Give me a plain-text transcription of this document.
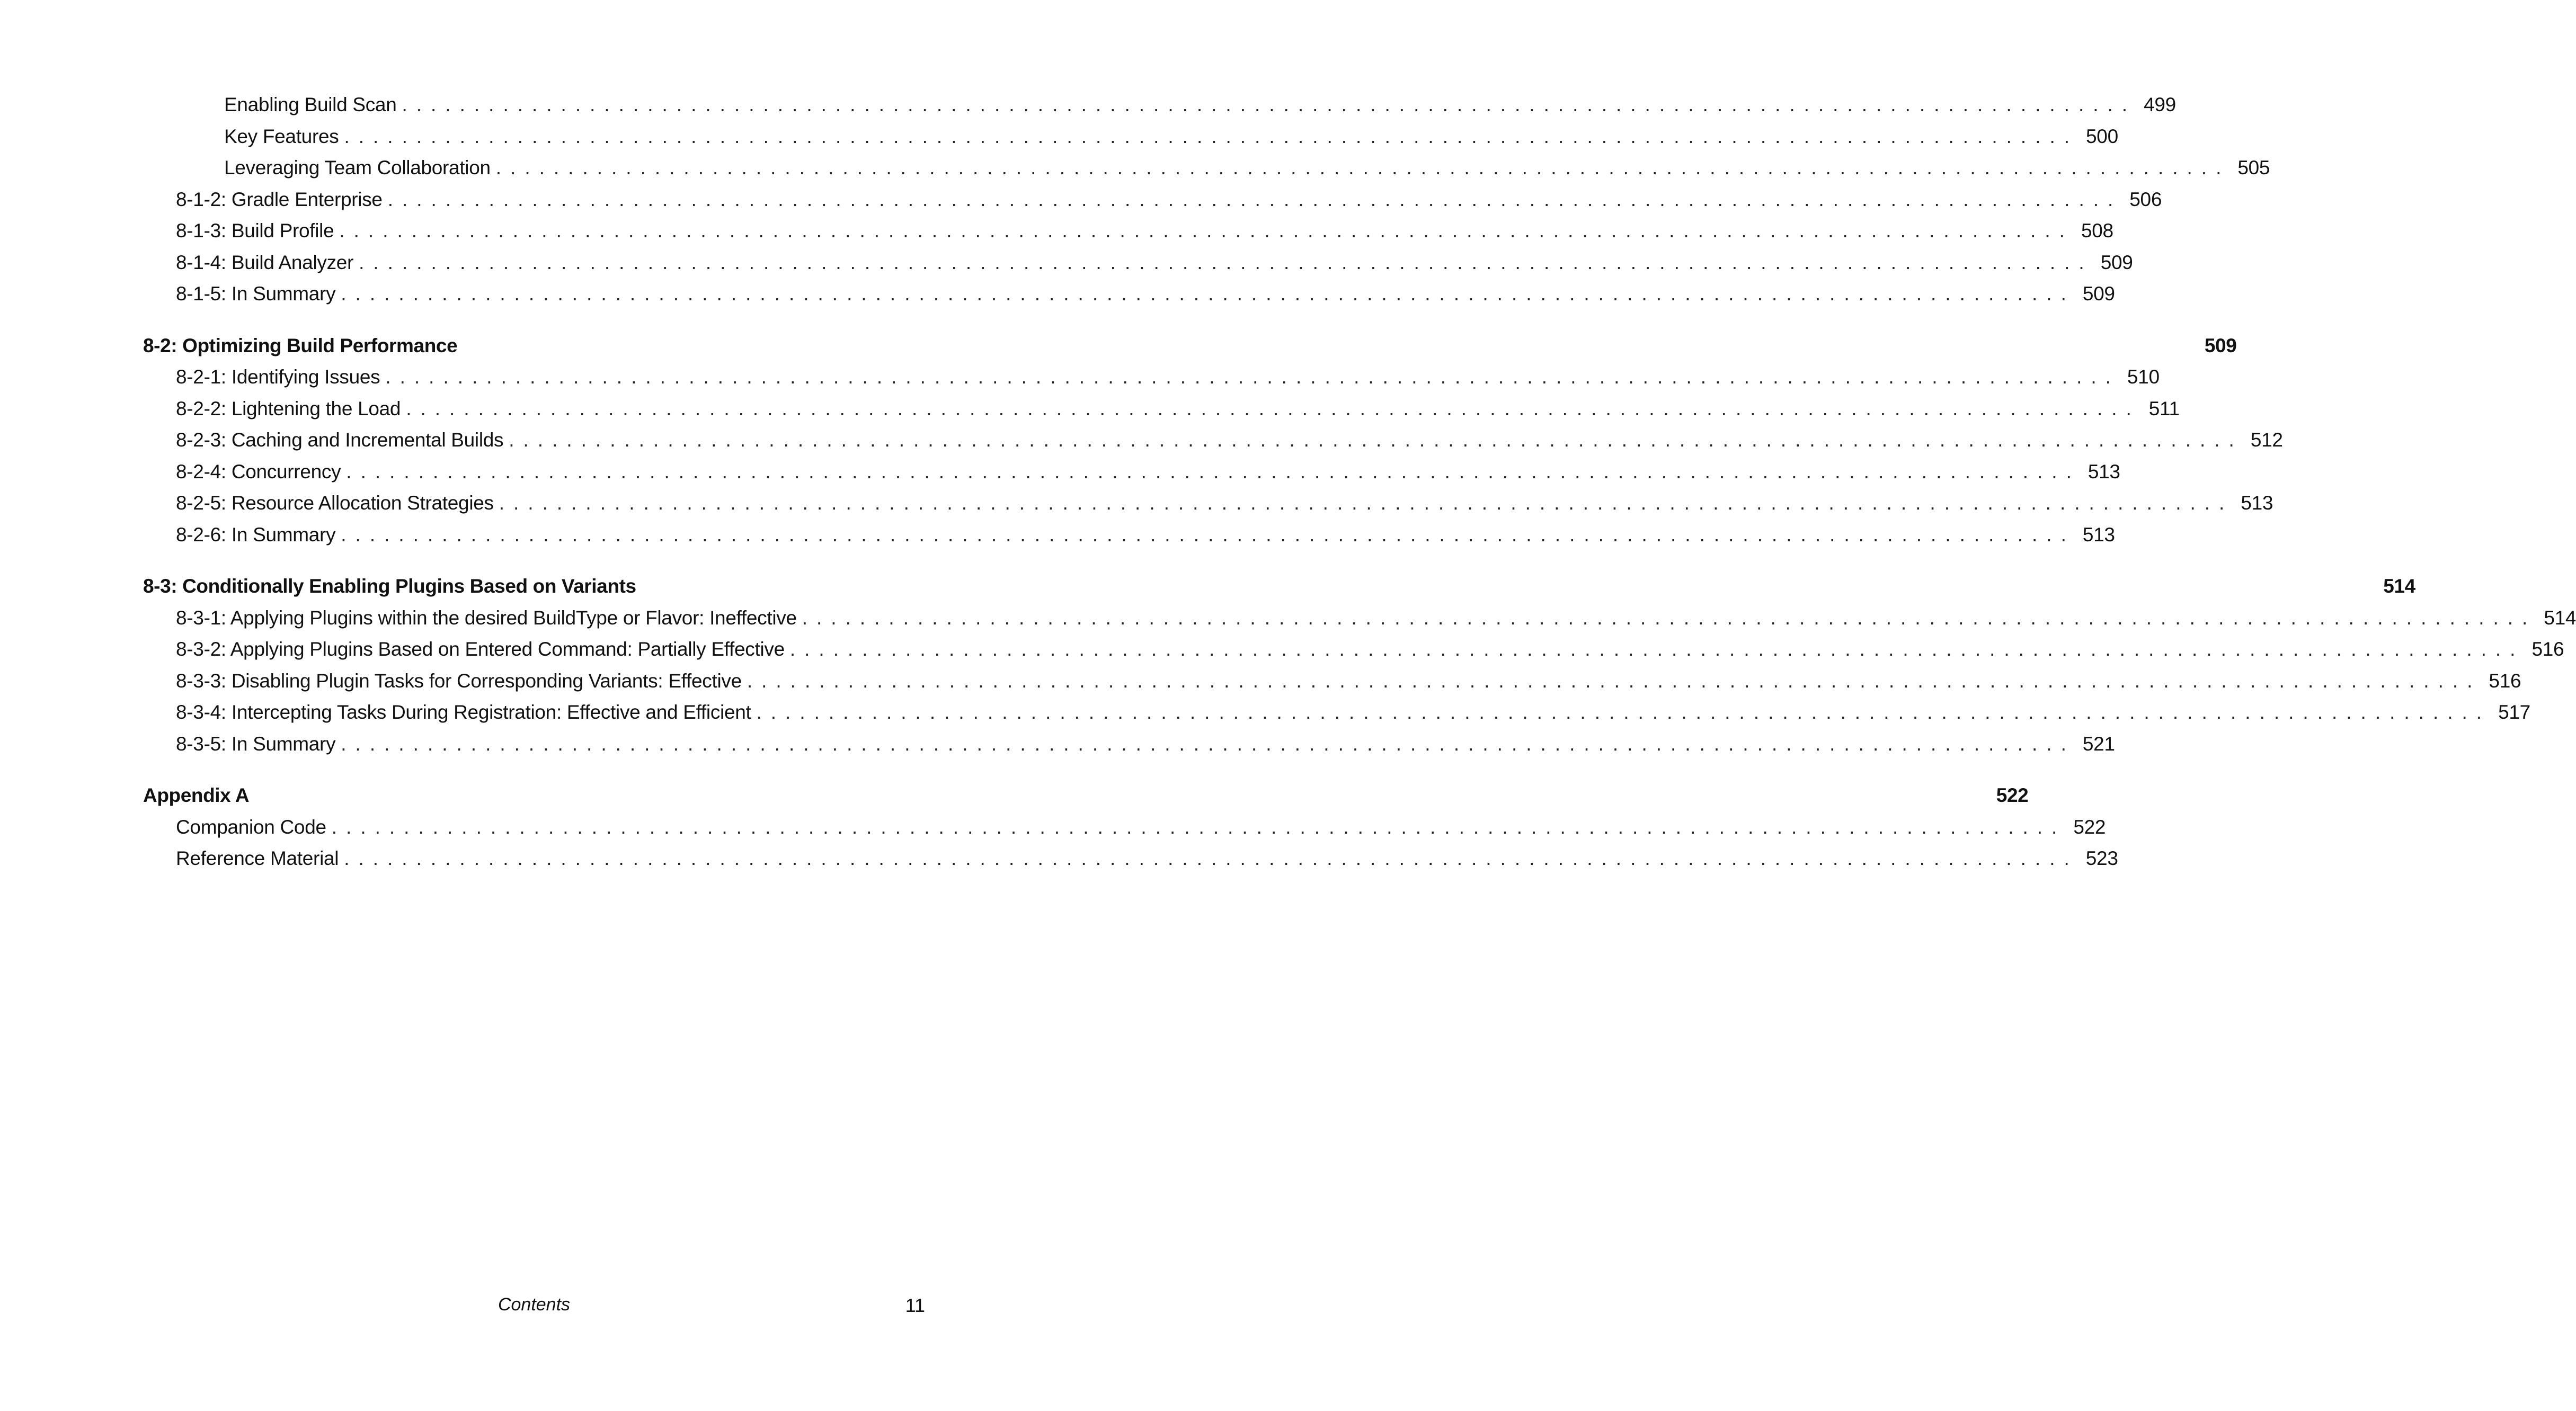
Enabling Build Scan ........................................................................................................................ 499
Key Features ........................................................................................................................ 500
Leveraging Team Collaboration ........................................................................................................................ 505
8-1-2: Gradle Enterprise ........................................................................................................................ 506
8-1-3: Build Profile ........................................................................................................................ 508
8-1-4: Build Analyzer ........................................................................................................................ 509
8-1-5: In Summary ........................................................................................................................ 509
8-2: Optimizing Build Performance	509
8-2-1: Identifying Issues ........................................................................................................................ 510
8-2-2: Lightening the Load ........................................................................................................................ 511
8-2-3: Caching and Incremental Builds ........................................................................................................................ 512
8-2-4: Concurrency ........................................................................................................................ 513
8-2-5: Resource Allocation Strategies ........................................................................................................................ 513
8-2-6: In Summary ........................................................................................................................ 513
8-3: Conditionally Enabling Plugins Based on Variants	514
8-3-1: Applying Plugins within the desired BuildType or Flavor: Ineffective ........................................................................................................................ 514
8-3-2: Applying Plugins Based on Entered Command: Partially Effective ........................................................................................................................ 516
8-3-3: Disabling Plugin Tasks for Corresponding Variants: Effective ........................................................................................................................ 516
8-3-4: Intercepting Tasks During Registration: Effective and Efficient ........................................................................................................................ 517
8-3-5: In Summary ........................................................................................................................ 521
Appendix A	522
Companion Code ........................................................................................................................ 522
Reference Material ........................................................................................................................ 523
Contents	11
